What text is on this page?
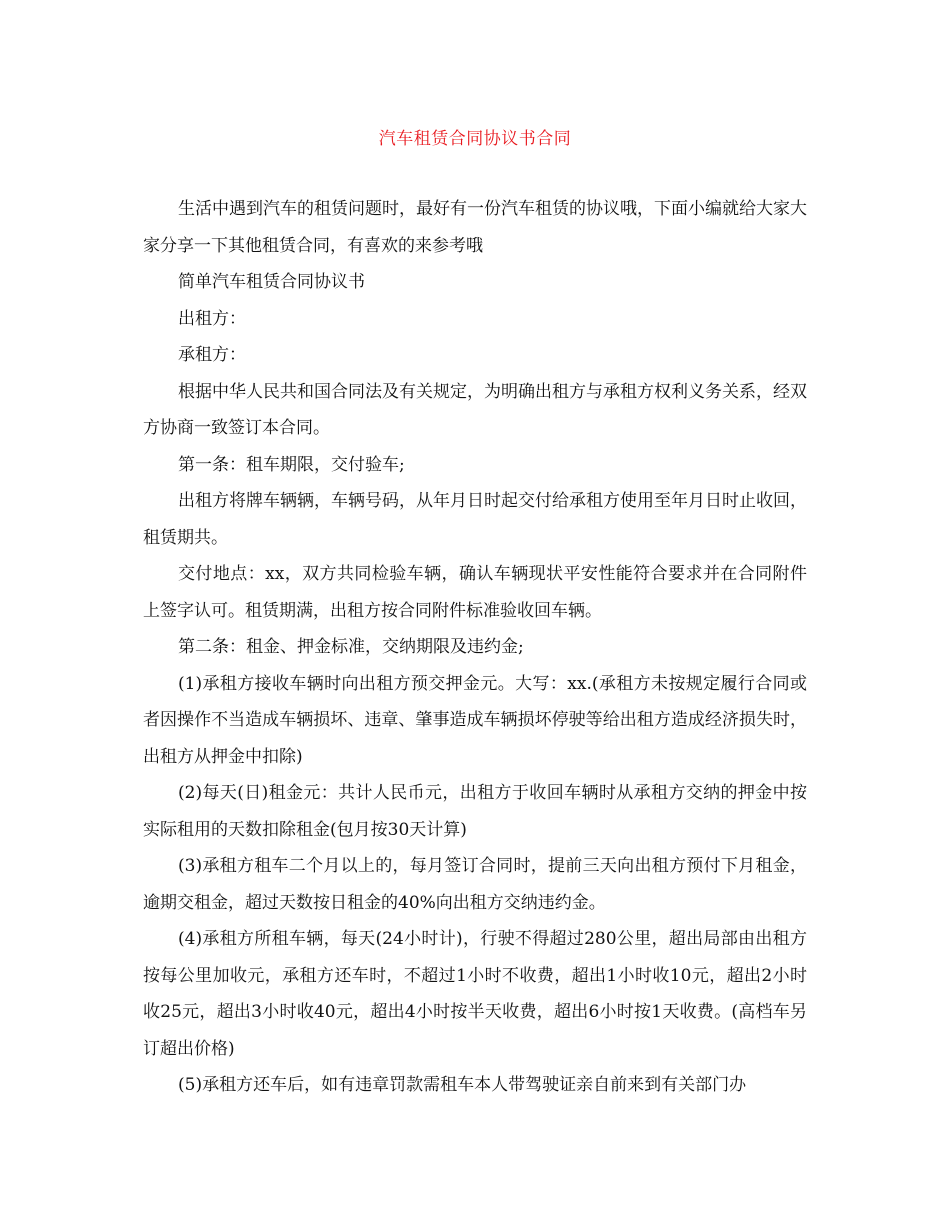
汽车租赁合同协议书合同

生活中遇到汽车的租赁问题时，最好有一份汽车租赁的协议哦，下面小编就给大家大家分享一下其他租赁合同，有喜欢的来参考哦

简单汽车租赁合同协议书

出租方：

承租方：

根据中华人民共和国合同法及有关规定，为明确出租方与承租方权利义务关系，经双方协商一致签订本合同。

第一条：租车期限，交付验车;

出租方将牌车辆辆，车辆号码，从年月日时起交付给承租方使用至年月日时止收回，租赁期共。

交付地点：xx，双方共同检验车辆，确认车辆现状平安性能符合要求并在合同附件上签字认可。租赁期满，出租方按合同附件标准验收回车辆。

第二条：租金、押金标准，交纳期限及违约金;

(1)承租方接收车辆时向出租方预交押金元。大写：xx.(承租方未按规定履行合同或者因操作不当造成车辆损坏、违章、肇事造成车辆损坏停驶等给出租方造成经济损失时，出租方从押金中扣除)

(2)每天(日)租金元：共计人民币元，出租方于收回车辆时从承租方交纳的押金中按实际租用的天数扣除租金(包月按30天计算)

(3)承租方租车二个月以上的，每月签订合同时，提前三天向出租方预付下月租金，逾期交租金，超过天数按日租金的40%向出租方交纳违约金。

(4)承租方所租车辆，每天(24小时计)，行驶不得超过280公里，超出局部由出租方按每公里加收元，承租方还车时，不超过1小时不收费，超出1小时收10元，超出2小时收25元，超出3小时收40元，超出4小时按半天收费，超出6小时按1天收费。(高档车另订超出价格)

(5)承租方还车后，如有违章罚款需租车本人带驾驶证亲自前来到有关部门办
